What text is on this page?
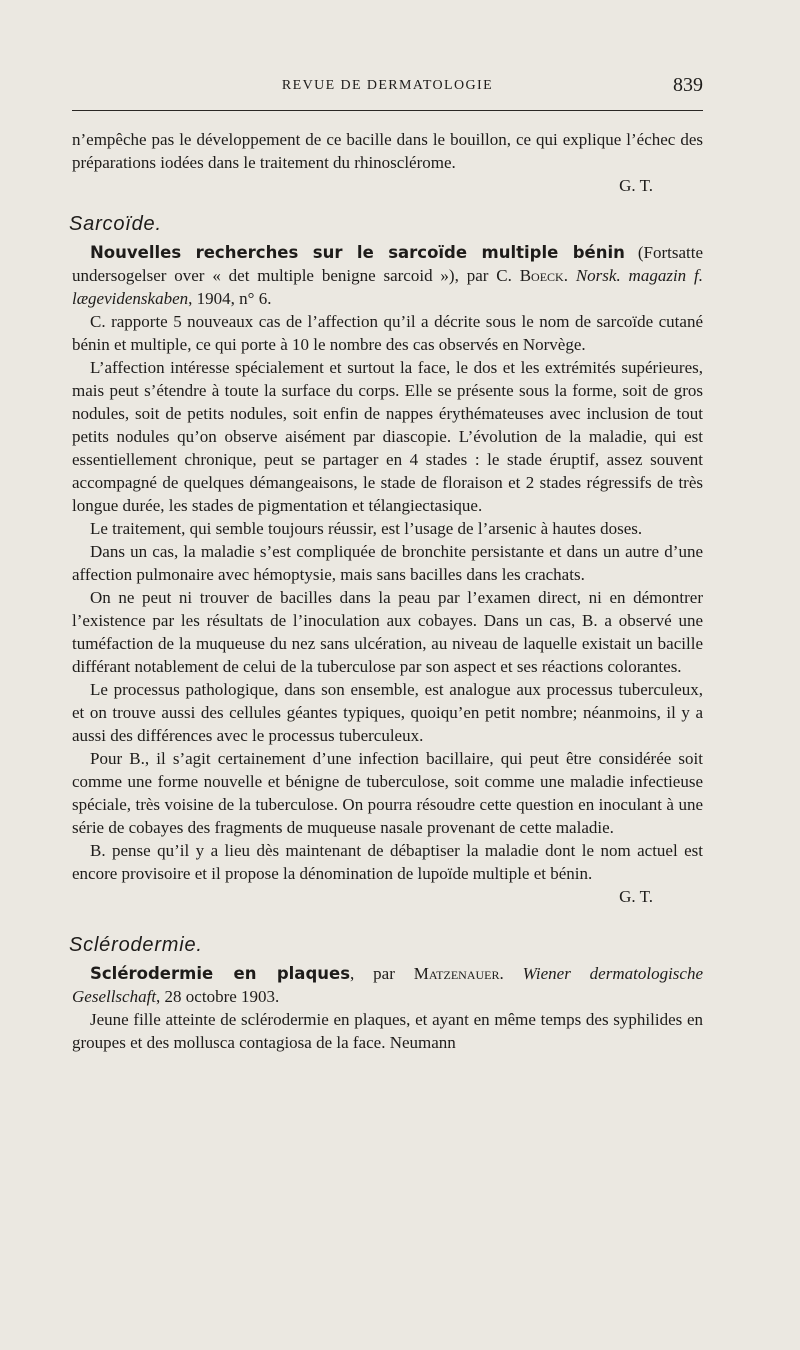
REVUE DE DERMATOLOGIE	839

n’empêche pas le développement de ce bacille dans le bouillon, ce qui explique l’échec des préparations iodées dans le traitement du rhinosclérome.

G. T.
Sarcoïde.

Nouvelles recherches sur le sarcoïde multiple bénin (Fortsatte undersogelser over « det multiple benigne sarcoid »), par C. Boeck. Norsk. magazin f. lægevidenskaben, 1904, n° 6.

C. rapporte 5 nouveaux cas de l’affection qu’il a décrite sous le nom de sarcoïde cutané bénin et multiple, ce qui porte à 10 le nombre des cas observés en Norvège.

L’affection intéresse spécialement et surtout la face, le dos et les extrémités supérieures, mais peut s’étendre à toute la surface du corps. Elle se présente sous la forme, soit de gros nodules, soit de petits nodules, soit enfin de nappes érythémateuses avec inclusion de tout petits nodules qu’on observe aisément par diascopie. L’évolution de la maladie, qui est essentiellement chronique, peut se partager en 4 stades : le stade éruptif, assez souvent accompagné de quelques démangeaisons, le stade de floraison et 2 stades régressifs de très longue durée, les stades de pigmentation et télangiectasique.

Le traitement, qui semble toujours réussir, est l’usage de l’arsenic à hautes doses.

Dans un cas, la maladie s’est compliquée de bronchite persistante et dans un autre d’une affection pulmonaire avec hémoptysie, mais sans bacilles dans les crachats.

On ne peut ni trouver de bacilles dans la peau par l’examen direct, ni en démontrer l’existence par les résultats de l’inoculation aux cobayes. Dans un cas, B. a observé une tuméfaction de la muqueuse du nez sans ulcération, au niveau de laquelle existait un bacille différant notablement de celui de la tuberculose par son aspect et ses réactions colorantes.

Le processus pathologique, dans son ensemble, est analogue aux processus tuberculeux, et on trouve aussi des cellules géantes typiques, quoiqu’en petit nombre; néanmoins, il y a aussi des différences avec le processus tuberculeux.

Pour B., il s’agit certainement d’une infection bacillaire, qui peut être considérée soit comme une forme nouvelle et bénigne de tuberculose, soit comme une maladie infectieuse spéciale, très voisine de la tuberculose. On pourra résoudre cette question en inoculant à une série de cobayes des fragments de muqueuse nasale provenant de cette maladie.

B. pense qu’il y a lieu dès maintenant de débaptiser la maladie dont le nom actuel est encore provisoire et il propose la dénomination de lupoïde multiple et bénin.

G. T.
Sclérodermie.

Sclérodermie en plaques, par Matzenauer. Wiener dermatologische Gesellschaft, 28 octobre 1903.

Jeune fille atteinte de sclérodermie en plaques, et ayant en même temps des syphilides en groupes et des mollusca contagiosa de la face. Neumann
